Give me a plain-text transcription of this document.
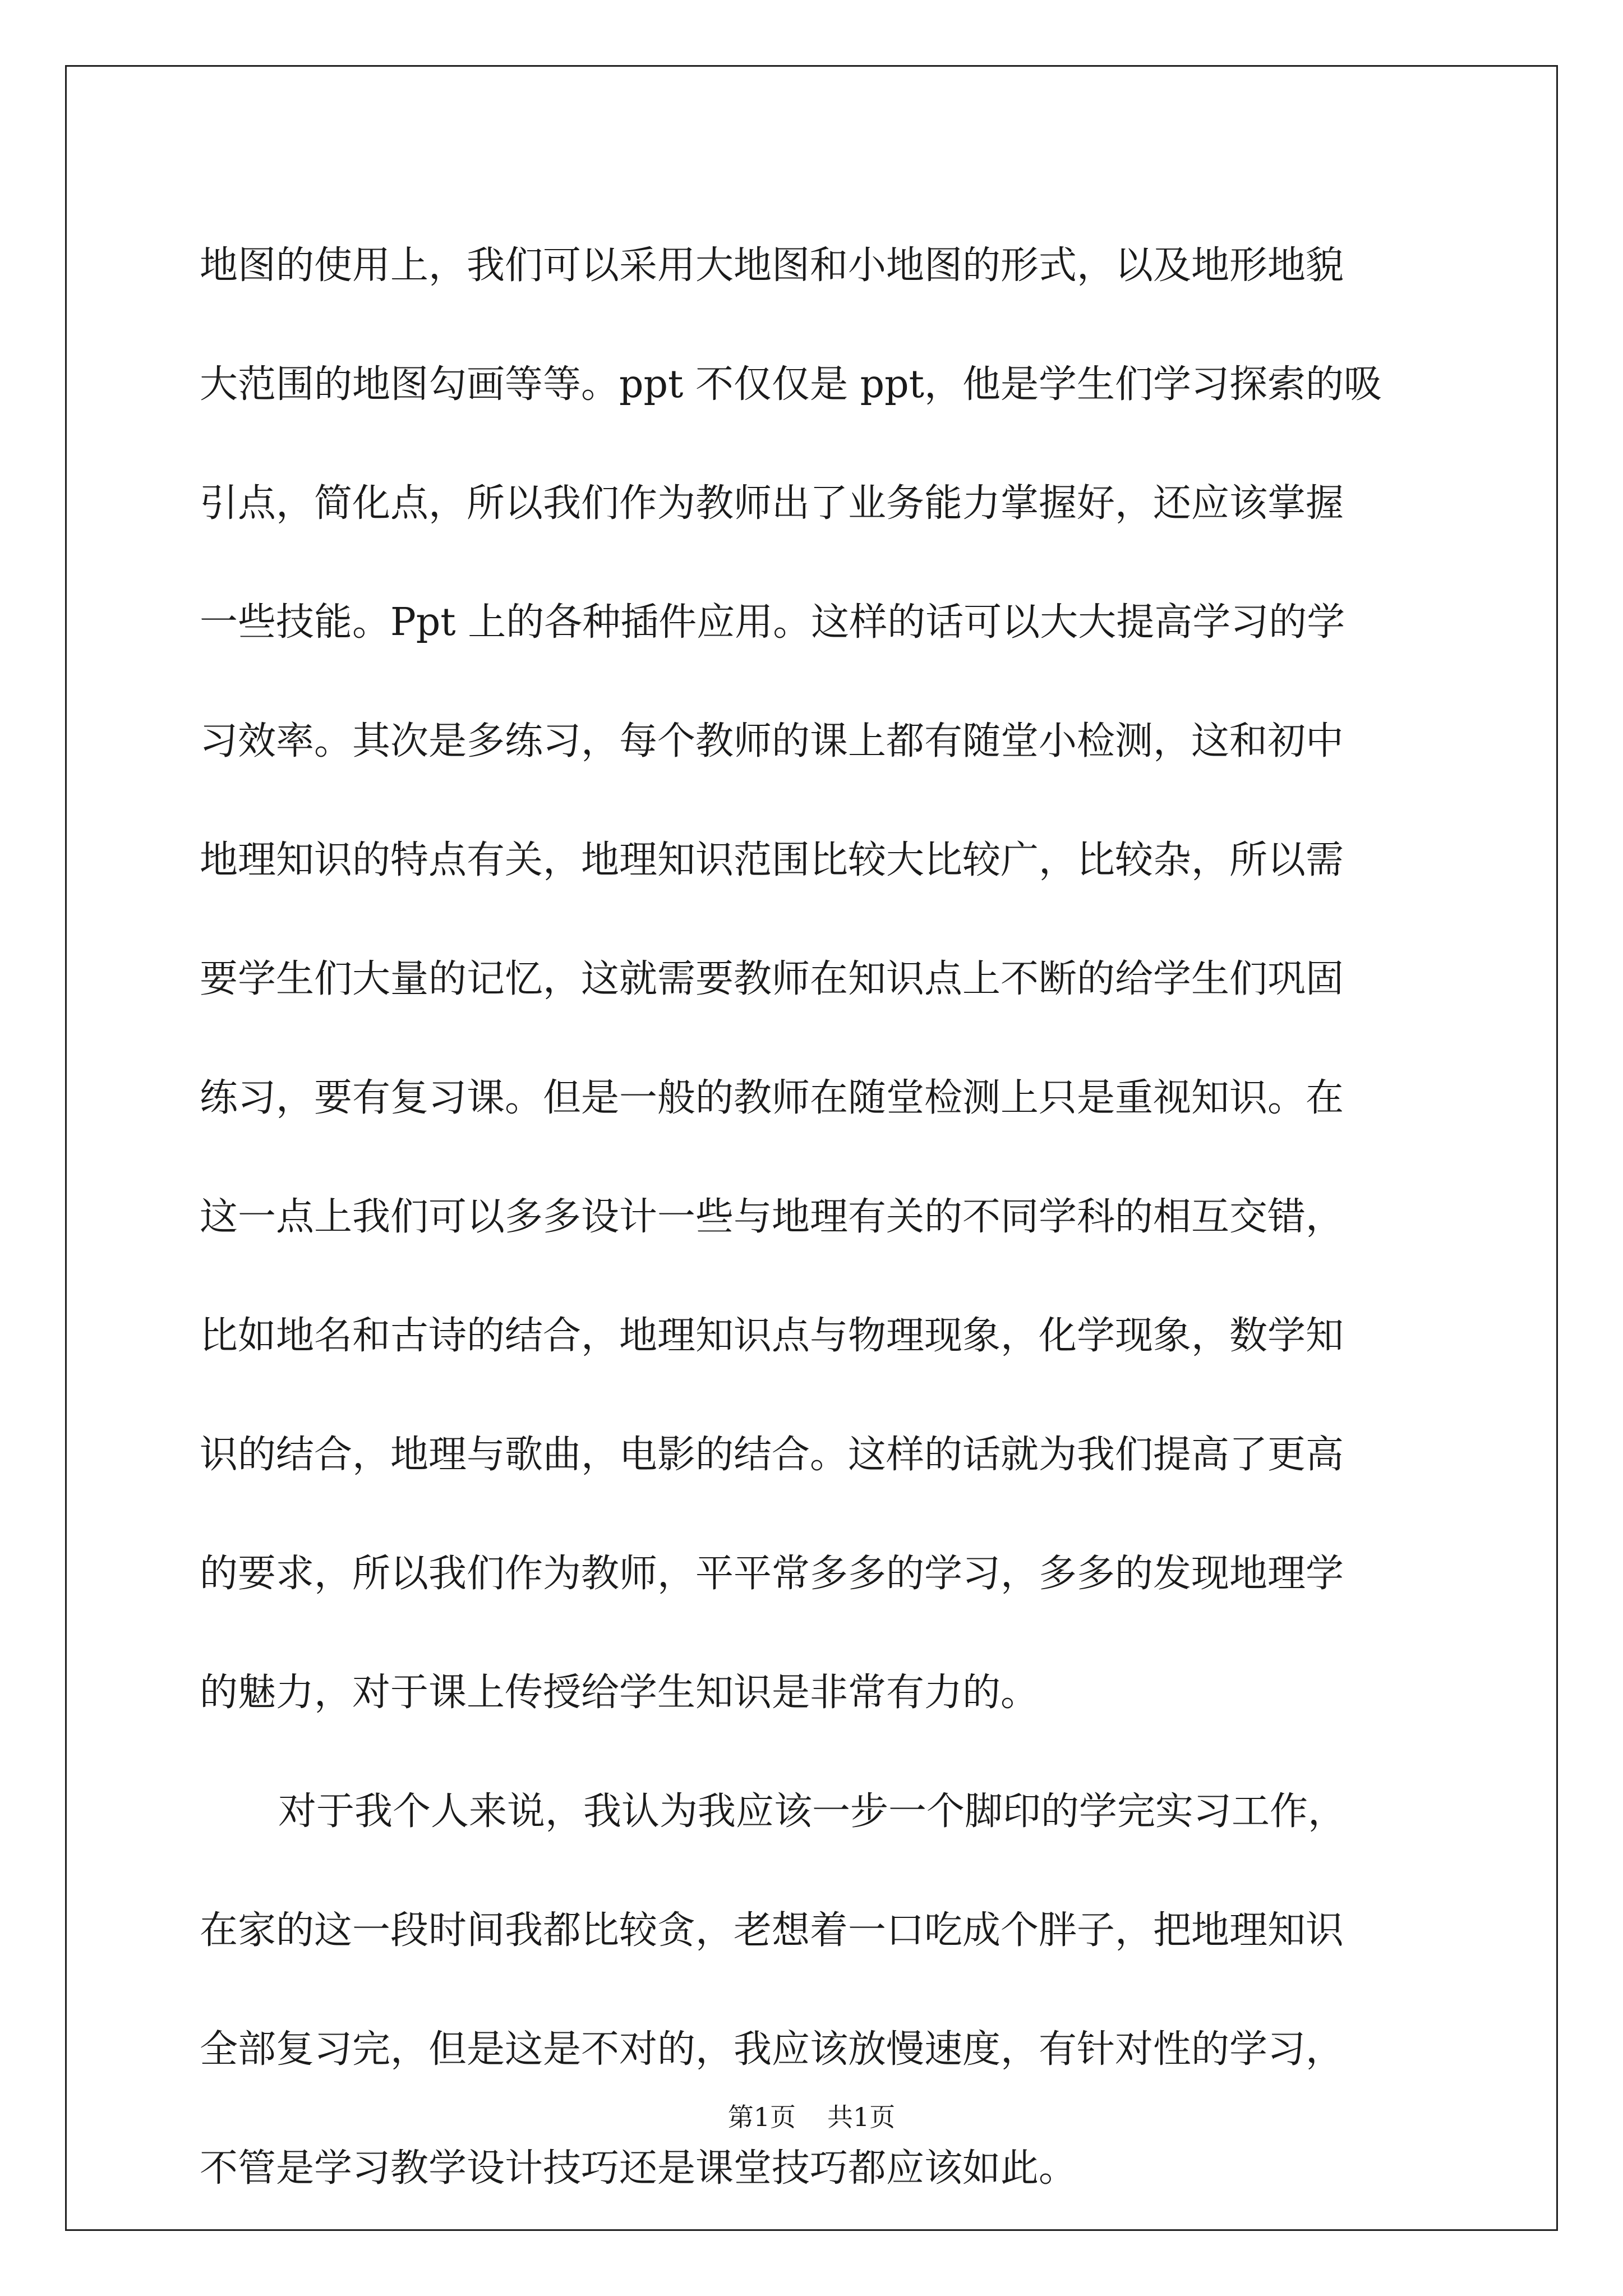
地图的使用上，我们可以采用大地图和小地图的形式，以及地形地貌
大范围的地图勾画等等。ppt 不仅仅是 ppt，他是学生们学习探索的吸
引点，简化点，所以我们作为教师出了业务能力掌握好，还应该掌握
一些技能。Ppt 上的各种插件应用。这样的话可以大大提高学习的学
习效率。其次是多练习，每个教师的课上都有随堂小检测，这和初中
地理知识的特点有关，地理知识范围比较大比较广，比较杂，所以需
要学生们大量的记忆，这就需要教师在知识点上不断的给学生们巩固
练习，要有复习课。但是一般的教师在随堂检测上只是重视知识。在
这一点上我们可以多多设计一些与地理有关的不同学科的相互交错，
比如地名和古诗的结合，地理知识点与物理现象，化学现象，数学知
识的结合，地理与歌曲，电影的结合。这样的话就为我们提高了更高
的要求，所以我们作为教师，平平常多多的学习，多多的发现地理学
的魅力，对于课上传授给学生知识是非常有力的。
对于我个人来说，我认为我应该一步一个脚印的学完实习工作，
在家的这一段时间我都比较贪，老想着一口吃成个胖子，把地理知识
全部复习完，但是这是不对的，我应该放慢速度，有针对性的学习，
不管是学习教学设计技巧还是课堂技巧都应该如此。
第1页 共1页
